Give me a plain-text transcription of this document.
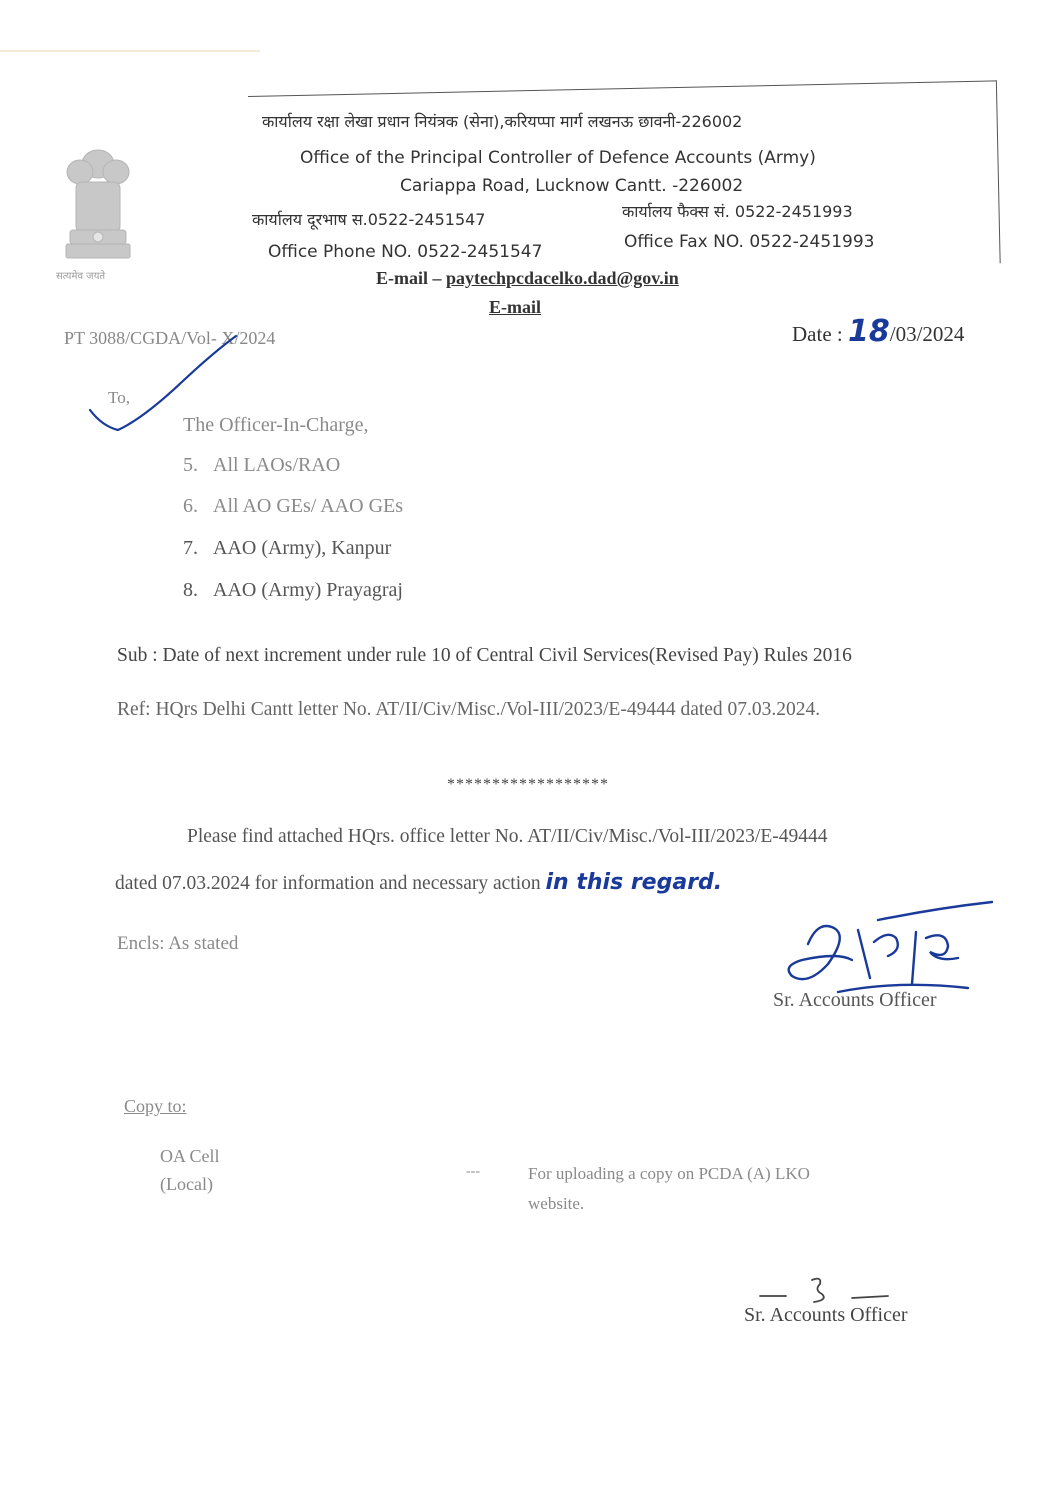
सत्यमेव जयते
कार्यालय रक्षा लेखा प्रधान नियंत्रक (सेना),करियप्पा मार्ग लखनऊ छावनी-226002
Office of the Principal Controller of Defence Accounts (Army)
Cariappa Road, Lucknow Cantt. -226002
कार्यालय दूरभाष स.0522-2451547	कार्यालय फैक्स सं. 0522-2451993
Office Phone NO. 0522-2451547	Office Fax NO. 0522-2451993
E-mail – paytechpcdacelko.dad@gov.in
E-mail
PT 3088/CGDA/Vol- X/2024	Date : 18/03/2024
To,
The Officer-In-Charge,
5. All LAOs/RAO
6. All AO GEs/ AAO GEs
7. AAO (Army), Kanpur
8. AAO (Army) Prayagraj
Sub : Date of next increment under rule 10 of Central Civil Services(Revised Pay) Rules 2016
Ref: HQrs Delhi Cantt letter No. AT/II/Civ/Misc./Vol-III/2023/E-49444 dated 07.03.2024.
******************
Please find attached HQrs. office letter No. AT/II/Civ/Misc./Vol-III/2023/E-49444
dated 07.03.2024 for information and necessary action in this regard.
Encls: As stated
Sr. Accounts Officer
Copy to:
OA Cell
(Local)
---	For uploading a copy on PCDA (A) LKO
website.
Sr. Accounts Officer
